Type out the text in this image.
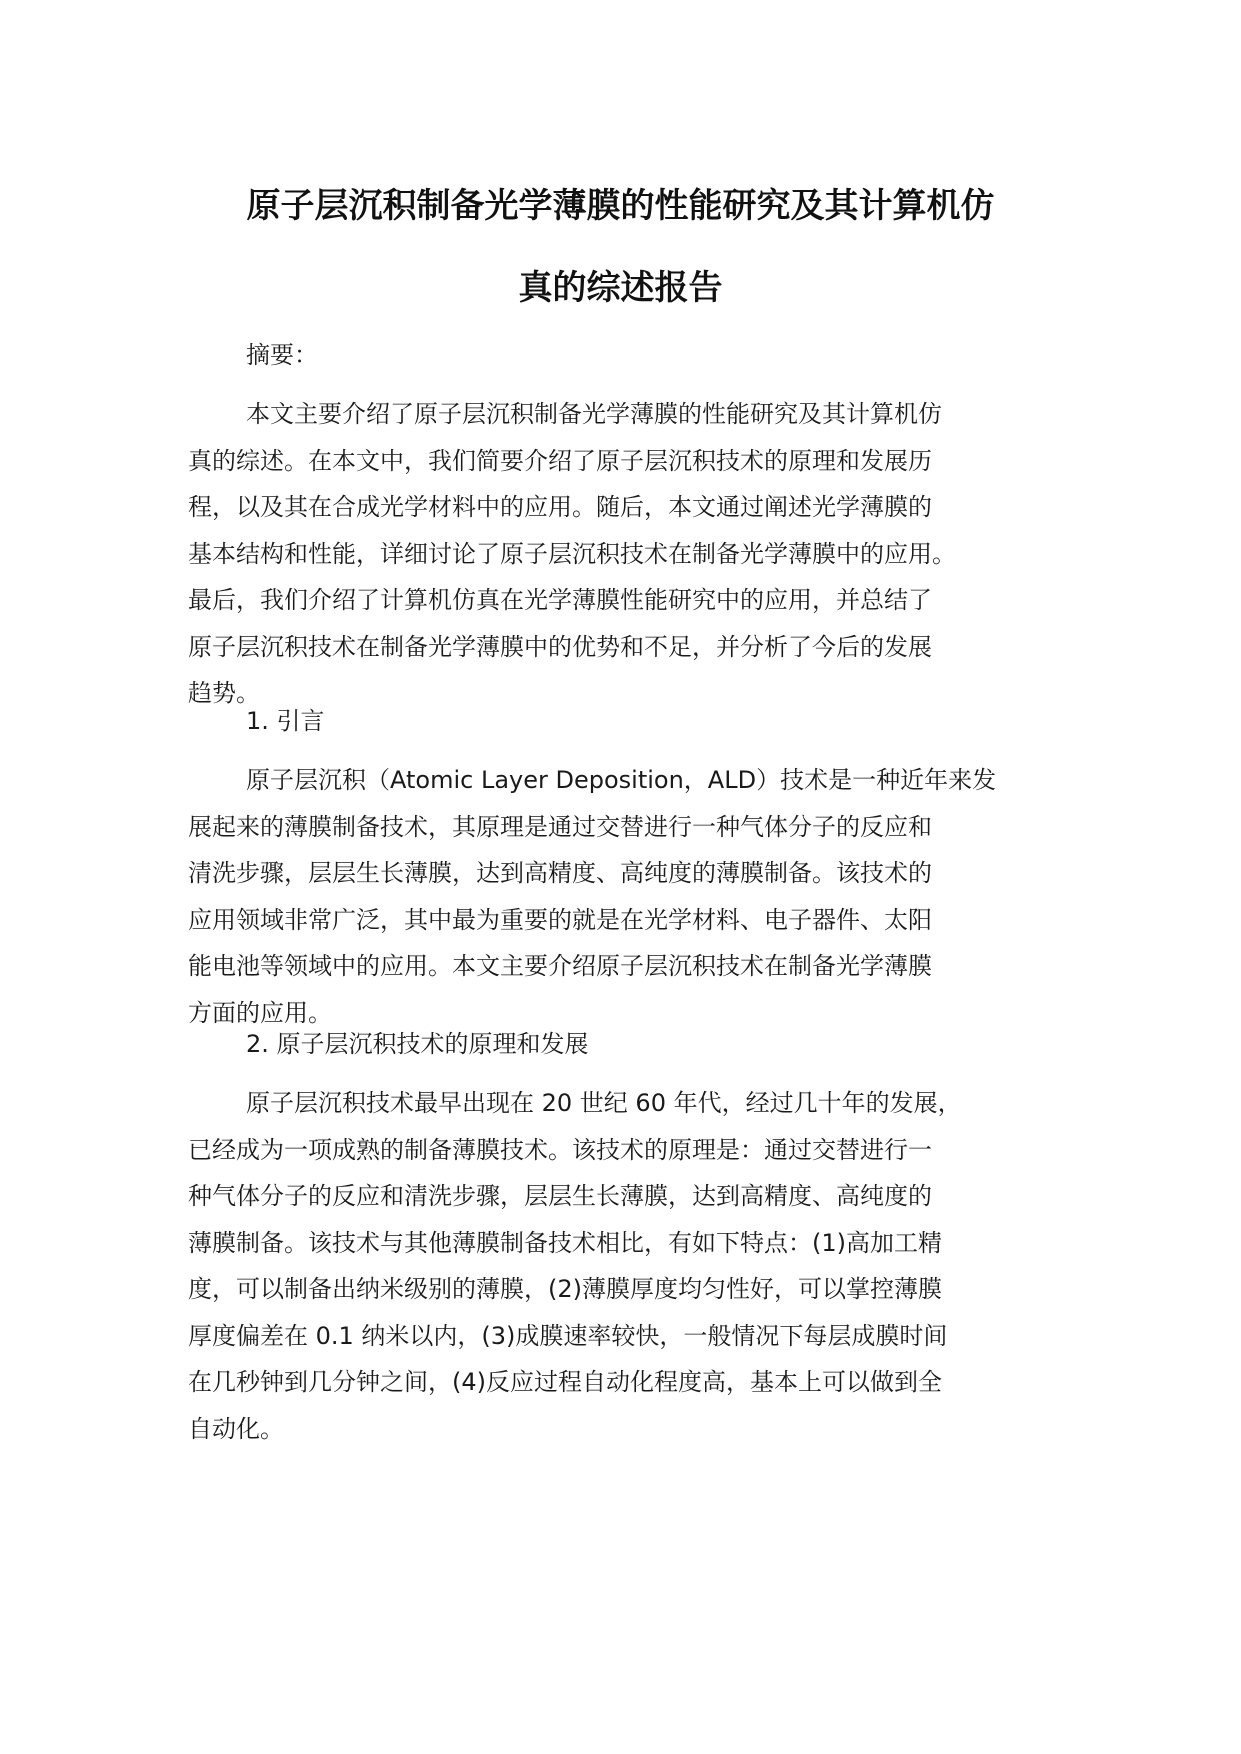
原子层沉积制备光学薄膜的性能研究及其计算机仿
真的综述报告
摘要：
本文主要介绍了原子层沉积制备光学薄膜的性能研究及其计算机仿
真的综述。在本文中，我们简要介绍了原子层沉积技术的原理和发展历
程，以及其在合成光学材料中的应用。随后，本文通过阐述光学薄膜的
基本结构和性能，详细讨论了原子层沉积技术在制备光学薄膜中的应用。
最后，我们介绍了计算机仿真在光学薄膜性能研究中的应用，并总结了
原子层沉积技术在制备光学薄膜中的优势和不足，并分析了今后的发展
趋势。
1. 引言
原子层沉积（Atomic Layer Deposition，ALD）技术是一种近年来发
展起来的薄膜制备技术，其原理是通过交替进行一种气体分子的反应和
清洗步骤，层层生长薄膜，达到高精度、高纯度的薄膜制备。该技术的
应用领域非常广泛，其中最为重要的就是在光学材料、电子器件、太阳
能电池等领域中的应用。本文主要介绍原子层沉积技术在制备光学薄膜
方面的应用。
2. 原子层沉积技术的原理和发展
原子层沉积技术最早出现在 20 世纪 60 年代，经过几十年的发展，
已经成为一项成熟的制备薄膜技术。该技术的原理是：通过交替进行一
种气体分子的反应和清洗步骤，层层生长薄膜，达到高精度、高纯度的
薄膜制备。该技术与其他薄膜制备技术相比，有如下特点：(1)高加工精
度，可以制备出纳米级别的薄膜，(2)薄膜厚度均匀性好，可以掌控薄膜
厚度偏差在 0.1 纳米以内，(3)成膜速率较快，一般情况下每层成膜时间
在几秒钟到几分钟之间，(4)反应过程自动化程度高，基本上可以做到全
自动化。
